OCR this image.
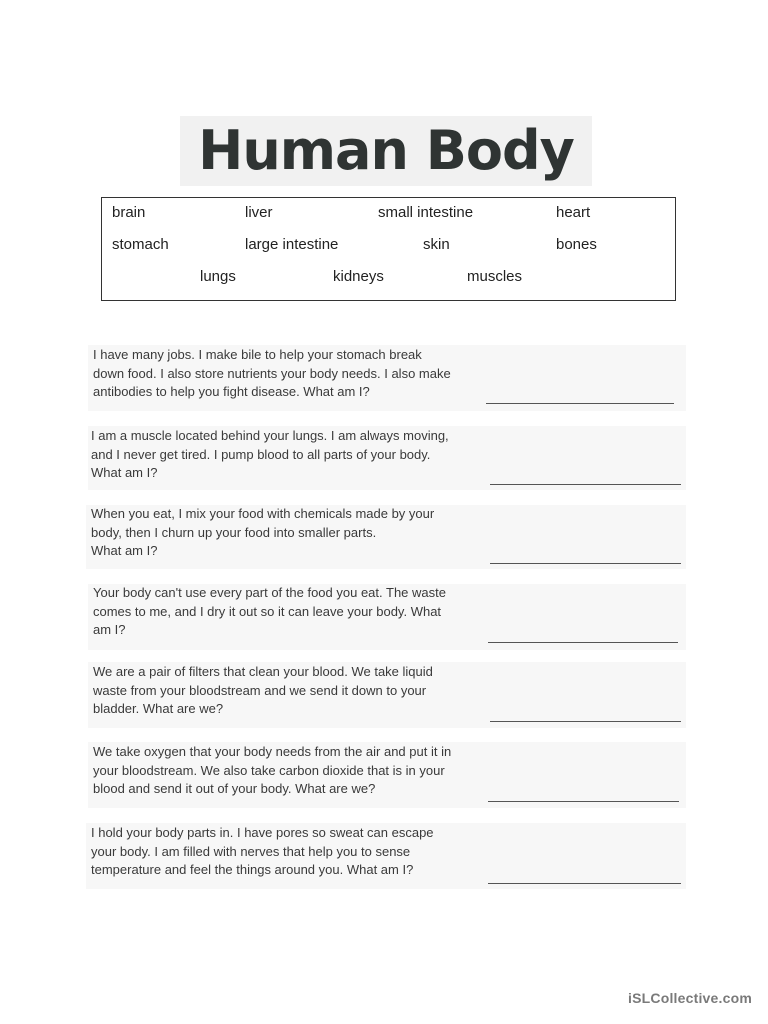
Human Body
brain	liver	small intestine	heart
stomach	large intestine	skin	bones
lungs	kidneys	muscles
I have many jobs. I make bile to help your stomach break
down food. I also store nutrients your body needs. I also make
antibodies to help you fight disease. What am I?
I am a muscle located behind your lungs. I am always moving,
and I never get tired. I pump blood to all parts of your body.
What am I?
When you eat, I mix your food with chemicals made by your
body, then I churn up your food into smaller parts.
What am I?
Your body can't use every part of the food you eat. The waste
comes to me, and I dry it out so it can leave your body. What
am I?
We are a pair of filters that clean your blood. We take liquid
waste from your bloodstream and we send it down to your
bladder. What are we?
We take oxygen that your body needs from the air and put it in
your bloodstream. We also take carbon dioxide that is in your
blood and send it out of your body. What are we?
I hold your body parts in. I have pores so sweat can escape
your body. I am filled with nerves that help you to sense
temperature and feel the things around you. What am I?
iSLCollective.com
